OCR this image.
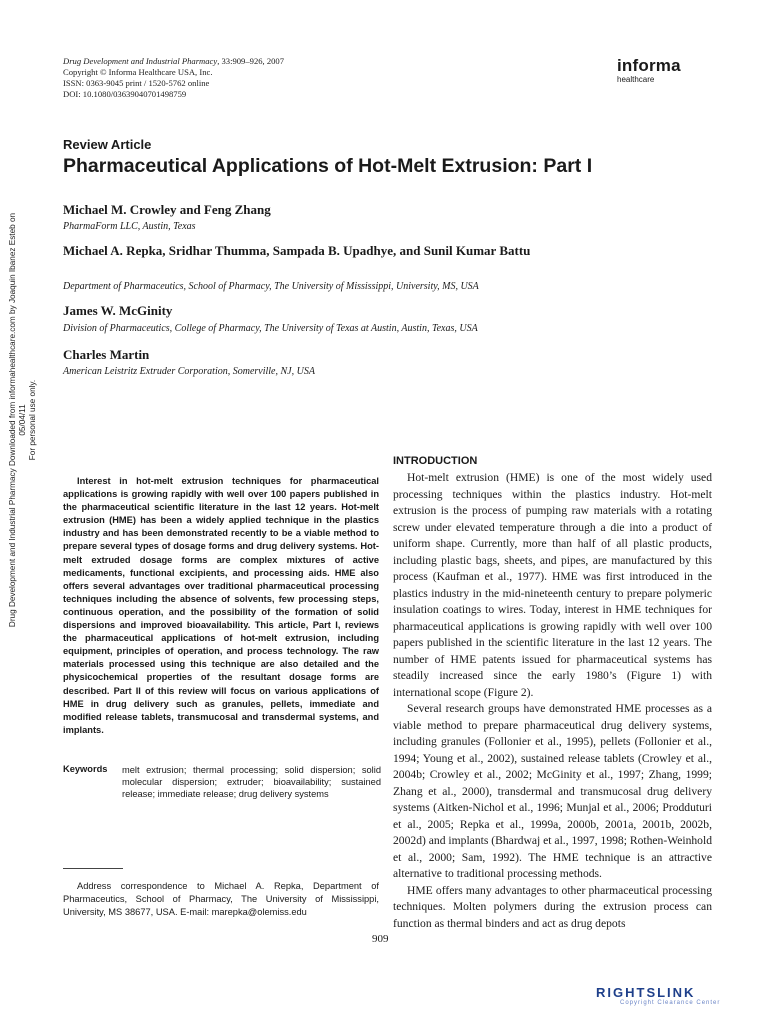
Drug Development and Industrial Pharmacy, 33:909–926, 2007
Copyright © Informa Healthcare USA, Inc.
ISSN: 0363-9045 print / 1520-5762 online
DOI: 10.1080/03639040701498759
informa
healthcare
Drug Development and Industrial Pharmacy Downloaded from informahealthcare.com by Joaquin Ibanez Esteb on 05/04/11 For personal use only.
Review Article
Pharmaceutical Applications of Hot-Melt Extrusion: Part I
Michael M. Crowley and Feng Zhang
PharmaForm LLC, Austin, Texas
Michael A. Repka, Sridhar Thumma, Sampada B. Upadhye, and Sunil Kumar Battu
Department of Pharmaceutics, School of Pharmacy, The University of Mississippi, University, MS, USA
James W. McGinity
Division of Pharmaceutics, College of Pharmacy, The University of Texas at Austin, Austin, Texas, USA
Charles Martin
American Leistritz Extruder Corporation, Somerville, NJ, USA
Interest in hot-melt extrusion techniques for pharmaceutical applications is growing rapidly with well over 100 papers published in the pharmaceutical scientific literature in the last 12 years. Hot-melt extrusion (HME) has been a widely applied technique in the plastics industry and has been demonstrated recently to be a viable method to prepare several types of dosage forms and drug delivery systems. Hot-melt extruded dosage forms are complex mixtures of active medicaments, functional excipients, and processing aids. HME also offers several advantages over traditional pharmaceutical processing techniques including the absence of solvents, few processing steps, continuous operation, and the possibility of the formation of solid dispersions and improved bioavailability. This article, Part I, reviews the pharmaceutical applications of hot-melt extrusion, including equipment, principles of operation, and process technology. The raw materials processed using this technique are also detailed and the physicochemical properties of the resultant dosage forms are described. Part II of this review will focus on various applications of HME in drug delivery such as granules, pellets, immediate and modified release tablets, transmucosal and transdermal systems, and implants.
Keywords melt extrusion; thermal processing; solid dispersion; solid molecular dispersion; extruder; bioavailability; sustained release; immediate release; drug delivery systems
Address correspondence to Michael A. Repka, Department of Pharmaceutics, School of Pharmacy, The University of Mississippi, University, MS 38677, USA. E-mail: marepka@olemiss.edu
INTRODUCTION

Hot-melt extrusion (HME) is one of the most widely used processing techniques within the plastics industry. Hot-melt extrusion is the process of pumping raw materials with a rotating screw under elevated temperature through a die into a product of uniform shape. Currently, more than half of all plastic products, including plastic bags, sheets, and pipes, are manufactured by this process (Kaufman et al., 1977). HME was first introduced in the plastics industry in the mid-nineteenth century to prepare polymeric insulation coatings to wires. Today, interest in HME techniques for pharmaceutical applications is growing rapidly with well over 100 papers published in the scientific literature in the last 12 years. The number of HME patents issued for pharmaceutical systems has steadily increased since the early 1980’s (Figure 1) with international scope (Figure 2).

Several research groups have demonstrated HME processes as a viable method to prepare pharmaceutical drug delivery systems, including granules (Follonier et al., 1995), pellets (Follonier et al., 1994; Young et al., 2002), sustained release tablets (Crowley et al., 2004b; Crowley et al., 2002; McGinity et al., 1997; Zhang, 1999; Zhang et al., 2000), transdermal and transmucosal drug delivery systems (Aitken-Nichol et al., 1996; Munjal et al., 2006; Prodduturi et al., 2005; Repka et al., 1999a, 2000b, 2001a, 2001b, 2002b, 2002d) and implants (Bhardwaj et al., 1997, 1998; Rothen-Weinhold et al., 2000; Sam, 1992). The HME technique is an attractive alternative to traditional processing methods.

HME offers many advantages to other pharmaceutical processing techniques. Molten polymers during the extrusion process can function as thermal binders and act as drug depots

909
RIGHTSLINK
Copyright Clearance Center
